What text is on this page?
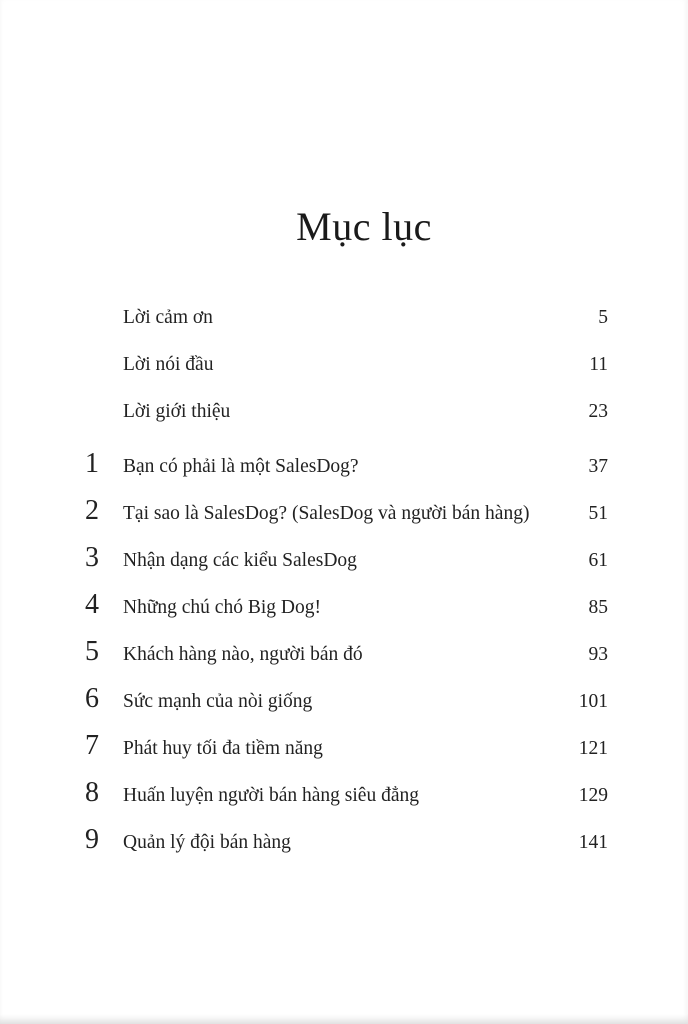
Mục lục
Lời cảm ơn	5
Lời nói đầu	11
Lời giới thiệu	23
1	Bạn có phải là một SalesDog?	37
2	Tại sao là SalesDog? (SalesDog và người bán hàng)	51
3	Nhận dạng các kiểu SalesDog	61
4	Những chú chó Big Dog!	85
5	Khách hàng nào, người bán đó	93
6	Sức mạnh của nòi giống	101
7	Phát huy tối đa tiềm năng	121
8	Huấn luyện người bán hàng siêu đẳng	129
9	Quản lý đội bán hàng	141
